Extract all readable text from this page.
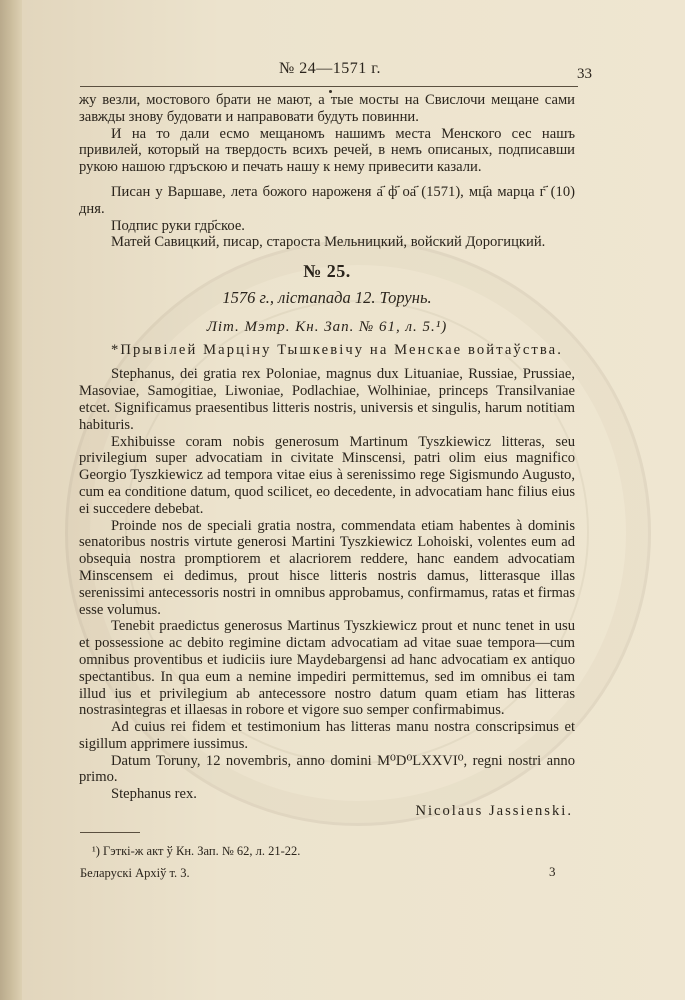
№ 24—1571 г.	33

жу везли, мостового брати не мают, а тые мосты на Свислочи мещане сами завжды знову будовати и направовати будуть повинни.

И на то дали есмо мещаномъ нашимъ места Менского сес нашъ привилей, который на твердость всихъ речей, в немъ описаных, подписавши рукою нашою гдръскою и печать нашу к нему привесити казали.

Писан у Варшаве, лета божого нароженя а҃ ф҃ оа҃ (1571), мц҃а марца г҃ (10) дня.

Подпис руки гдр҃ское.

Матей Савицкий, писар, староста Мельницкий, войский Дорогицкий.

№ 25.
1576 г., лістапада 12. Торунь.
Літ. Мэтр. Кн. Зап. № 61, л. 5.¹)

*Прывілей Марціну Тышкевічу на Менскае войтаўства.

Stephanus, dei gratia rex Poloniae, magnus dux Lituaniae, Russiae, Prussiae, Masoviae, Samogitiae, Liwoniae, Podlachiae, Wolhiniae, princeps Transilvaniae etcet. Significamus praesentibus litteris nostris, universis et singulis, harum notitiam habituris.

Exhibuisse coram nobis generosum Martinum Tyszkiewicz litteras, seu privilegium super advocatiam in civitate Minscensi, patri olim eius magnifico Georgio Tyszkiewicz ad tempora vitae eius à serenissimo rege Sigismundo Augusto, cum ea conditione datum, quod scilicet, eo decedente, in advocatiam hanc filius eius ei succedere debebat.

Proinde nos de speciali gratia nostra, commendata etiam habentes à dominis senatoribus nostris virtute generosi Martini Tyszkiewicz Lohoiski, volentes eum ad obsequia nostra promptiorem et alacriorem reddere, hanc eandem advocatiam Minscensem ei dedimus, prout hisce litteris nostris damus, litterasque illas serenissimi antecessoris nostri in omnibus approbamus, confirmamus, ratas et firmas esse volumus.

Tenebit praedictus generosus Martinus Tyszkiewicz prout et nunc tenet in usu et possessione ac debito regimine dictam advocatiam ad vitae suae tempora—cum omnibus proventibus et iudiciis iure Maydebargensi ad hanc advocatiam ex antiquo spectantibus. In qua eum a nemine impediri permittemus, sed im omnibus ei tam illud ius et privilegium ab antecessore nostro datum quam etiam has litteras nostrasintegras et illaesas in robore et vigore suo semper confirmabimus.

Ad cuius rei fidem et testimonium has litteras manu nostra conscripsimus et sigillum apprimere iussimus.

Datum Toruny, 12 novembris, anno domini M⁰D⁰LXXVI⁰, regni nostri anno primo.

Stephanus rex.

Nicolaus Jassienski.

¹) Гэткі-ж акт ў Кн. Зап. № 62, л. 21-22.
Беларускі Архіў т. 3.	3
